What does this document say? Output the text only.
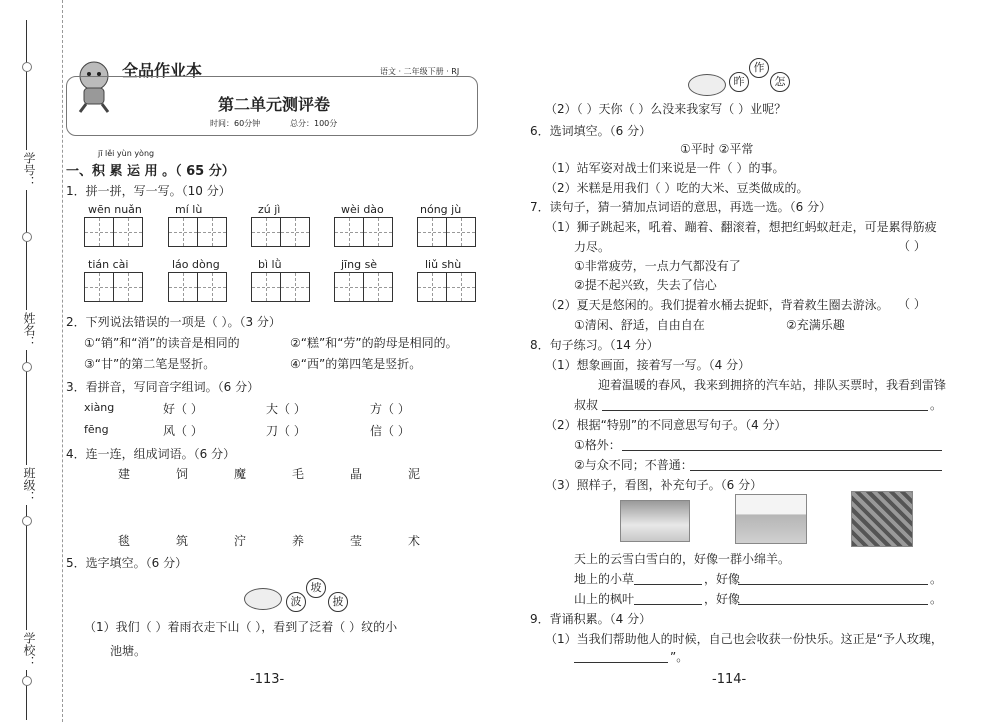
学号：
姓名：
班级：
学校：
全品作业本	语文 · 二年级下册 · RJ
第二单元测评卷
时间：60分钟	总分：100分
jī lěi yùn yòng
一、积 累 运 用 。（ 65 分）
1．拼一拼，写一写。（10 分）
wēn nuǎn	mí lù	zú jì	wèi dào	nóng jù
tián cài	láo dòng	bì lǜ	jīng sè	liǔ shù
2．下列说法错误的一项是（ ）。（3 分）
①“销”和“消”的读音是相同的	②“糕”和“劳”的韵母是相同的。
③“甘”的第二笔是竖折。	④“西”的第四笔是竖折。
3．看拼音，写同音字组词。（6 分）
xiàng	好（ ）	大（ ）	方（ ）
fēng	风（ ）	刀（ ）	信（ ）
4．连一连，组成词语。（6 分）
建	饲	魔	毛	晶	泥
毯	筑	泞	养	莹	术
5．选字填空。（6 分）
坡
波	披
（1）我们（ ）着雨衣走下山（ ），看到了泛着（ ）纹的小
池塘。
-113-
作
昨	怎
（2）（ ）天你（ ）么没来我家写（ ）业呢？
6．选词填空。（6 分）
①平时 ②平常
（1）站军姿对战士们来说是一件（ ）的事。
（2）米糕是用我们（ ）吃的大米、豆类做成的。
7．读句子，猜一猜加点词语的意思，再选一选。（6 分）
（1）狮子跳起来，吼着、蹦着、翻滚着，想把红蚂蚁赶走，可是累得筋疲
力尽。	（ ）
①非常疲劳，一点力气都没有了
②提不起兴致，失去了信心
（2）夏天是悠闲的。我们提着水桶去捉虾，背着救生圈去游泳。 （ ）
①清闲、舒适，自由自在	②充满乐趣
8．句子练习。（14 分）
（1）想象画面，接着写一写。（4 分）
迎着温暖的春风，我来到拥挤的汽车站，排队买票时，我看到雷锋
叔叔	。
（2）根据“特别”的不同意思写句子。（4 分）
①格外：
②与众不同；不普通：
（3）照样子，看图，补充句子。（6 分）
天上的云雪白雪白的，好像一群小绵羊。
地上的小草	，好像	。
山上的枫叶	，好像	。
9．背诵积累。（4 分）
（1）当我们帮助他人的时候，自己也会收获一份快乐。这正是“予人玫瑰，
”。
-114-
